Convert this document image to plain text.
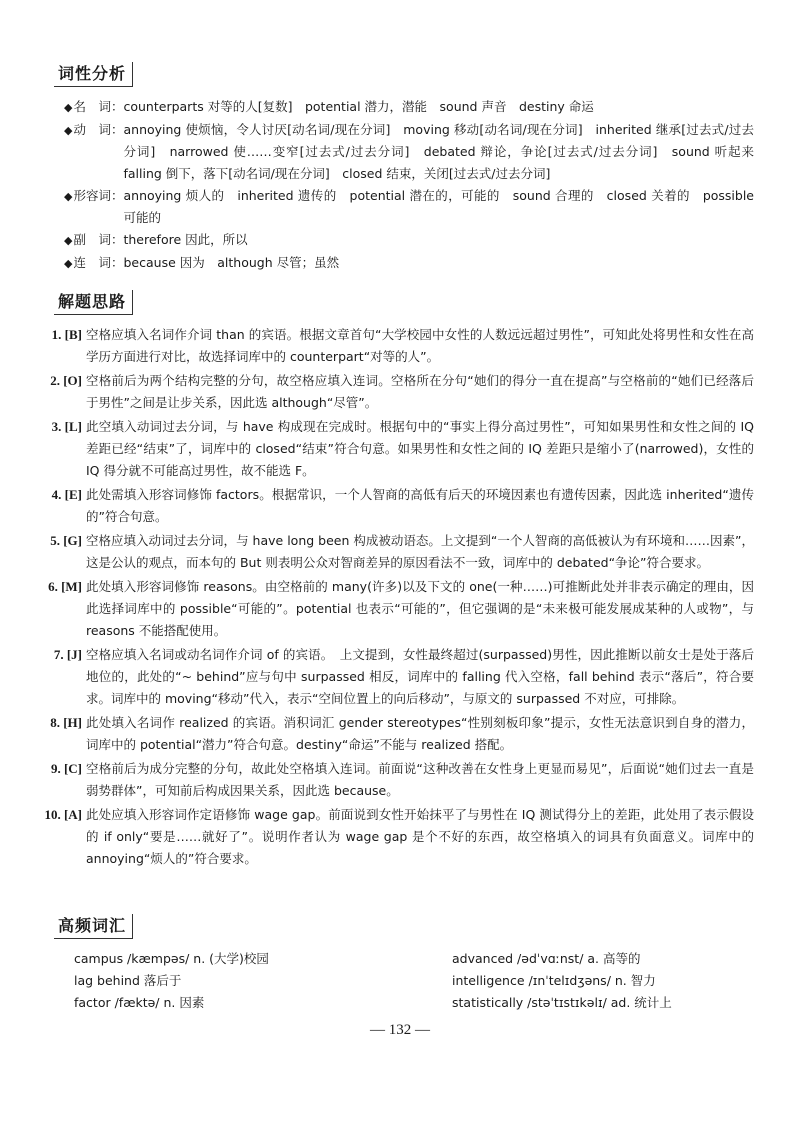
词性分析
◆名　词： counterparts 对等的人[复数]　potential 潜力，潜能　sound 声音　destiny 命运
◆动　词： annoying 使烦恼，令人讨厌[动名词/现在分词]　moving 移动[动名词/现在分词]　inherited 继承[过去式/过去分词]　narrowed 使……变窄[过去式/过去分词]　debated 辩论，争论[过去式/过去分词]　sound 听起来　falling 倒下，落下[动名词/现在分词]　closed 结束，关闭[过去式/过去分词]
◆形容词： annoying 烦人的　inherited 遗传的　potential 潜在的，可能的　sound 合理的　closed 关着的　possible 可能的
◆副　词： therefore 因此，所以
◆连　词： because 因为　although 尽管；虽然
解题思路
1. [B] 空格应填入名词作介词 than 的宾语。根据文章首句“大学校园中女性的人数远远超过男性”，可知此处将男性和女性在高学历方面进行对比，故选择词库中的 counterpart“对等的人”。
2. [O] 空格前后为两个结构完整的分句，故空格应填入连词。空格所在分句“她们的得分一直在提高”与空格前的“她们已经落后于男性”之间是让步关系，因此选 although“尽管”。
3. [L] 此空填入动词过去分词，与 have 构成现在完成时。根据句中的“事实上得分高过男性”，可知如果男性和女性之间的 IQ 差距已经“结束”了，词库中的 closed“结束”符合句意。如果男性和女性之间的 IQ 差距只是缩小了(narrowed)，女性的 IQ 得分就不可能高过男性，故不能选 F。
4. [E] 此处需填入形容词修饰 factors。根据常识，一个人智商的高低有后天的环境因素也有遗传因素，因此选 inherited“遗传的”符合句意。
5. [G] 空格应填入动词过去分词，与 have long been 构成被动语态。上文提到“一个人智商的高低被认为有环境和……因素”，这是公认的观点，而本句的 But 则表明公众对智商差异的原因看法不一致，词库中的 debated“争论”符合要求。
6. [M] 此处填入形容词修饰 reasons。由空格前的 many(许多)以及下文的 one(一种……)可推断此处并非表示确定的理由，因此选择词库中的 possible“可能的”。potential 也表示“可能的”，但它强调的是“未来极可能发展成某种的人或物”，与 reasons 不能搭配使用。
7. [J] 空格应填入名词或动名词作介词 of 的宾语。　上文提到，女性最终超过(surpassed)男性，因此推断以前女士是处于落后地位的，此处的“~ behind”应与句中 surpassed 相反，词库中的 falling 代入空格，fall behind 表示“落后”，符合要求。词库中的 moving“移动”代入，表示“空间位置上的向后移动”，与原文的 surpassed 不对应，可排除。
8. [H] 此处填入名词作 realized 的宾语。消积词汇 gender stereotypes“性别刻板印象”提示，女性无法意识到自身的潜力，词库中的 potential“潜力”符合句意。destiny“命运”不能与 realized 搭配。
9. [C] 空格前后为成分完整的分句，故此处空格填入连词。前面说“这种改善在女性身上更显而易见”，后面说“她们过去一直是弱势群体”，可知前后构成因果关系，因此选 because。
10. [A] 此处应填入形容词作定语修饰 wage gap。前面说到女性开始抹平了与男性在 IQ 测试得分上的差距，此处用了表示假设的 if only“要是……就好了”。说明作者认为 wage gap 是个不好的东西，故空格填入的词具有负面意义。词库中的 annoying“烦人的”符合要求。
高频词汇
campus /kæmpəs/ n. (大学)校园	advanced /ədˈvɑːnst/ a. 高等的
lag behind 落后于	intelligence /ɪnˈtelɪdʒəns/ n. 智力
factor /fæktə/ n. 因素	statistically /stəˈtɪstɪkəlɪ/ ad. 统计上
— 132 —
